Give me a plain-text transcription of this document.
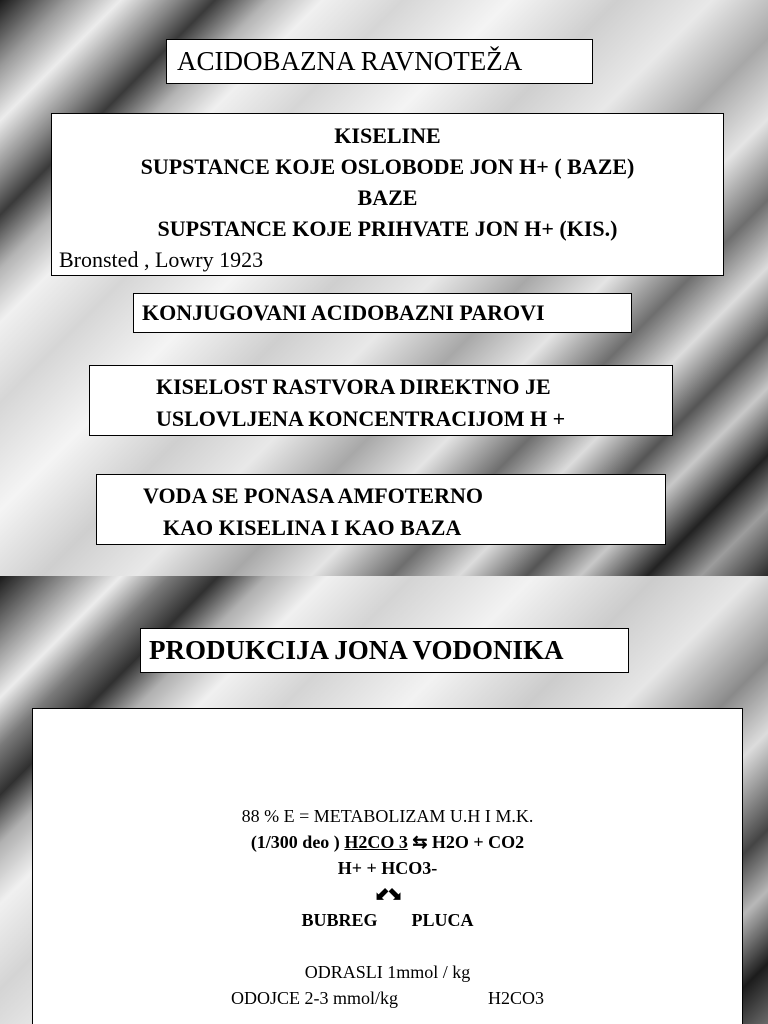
ACIDOBAZNA RAVNOTEŽA
KISELINE
SUPSTANCE KOJE OSLOBODE JON H+ ( BAZE)
BAZE
SUPSTANCE KOJE PRIHVATE JON H+ (KIS.)
Bronsted , Lowry 1923
KONJUGOVANI ACIDOBAZNI PAROVI
KISELOST RASTVORA DIREKTNO JE
USLOVLJENA KONCENTRACIJOM H +
VODA SE PONASA AMFOTERNO
KAO KISELINA I KAO BAZA
PRODUKCIJA JONA VODONIKA
88 % E = METABOLIZAM U.H I M.K.
(1/300 deo ) H2CO 3 ⇆ H2O + CO2
H+ + HCO3-
⬋⬊
BUBREG PLUCA
ODRASLI 1mmol / kg
ODOJCE 2-3 mmol/kg	H2CO3
